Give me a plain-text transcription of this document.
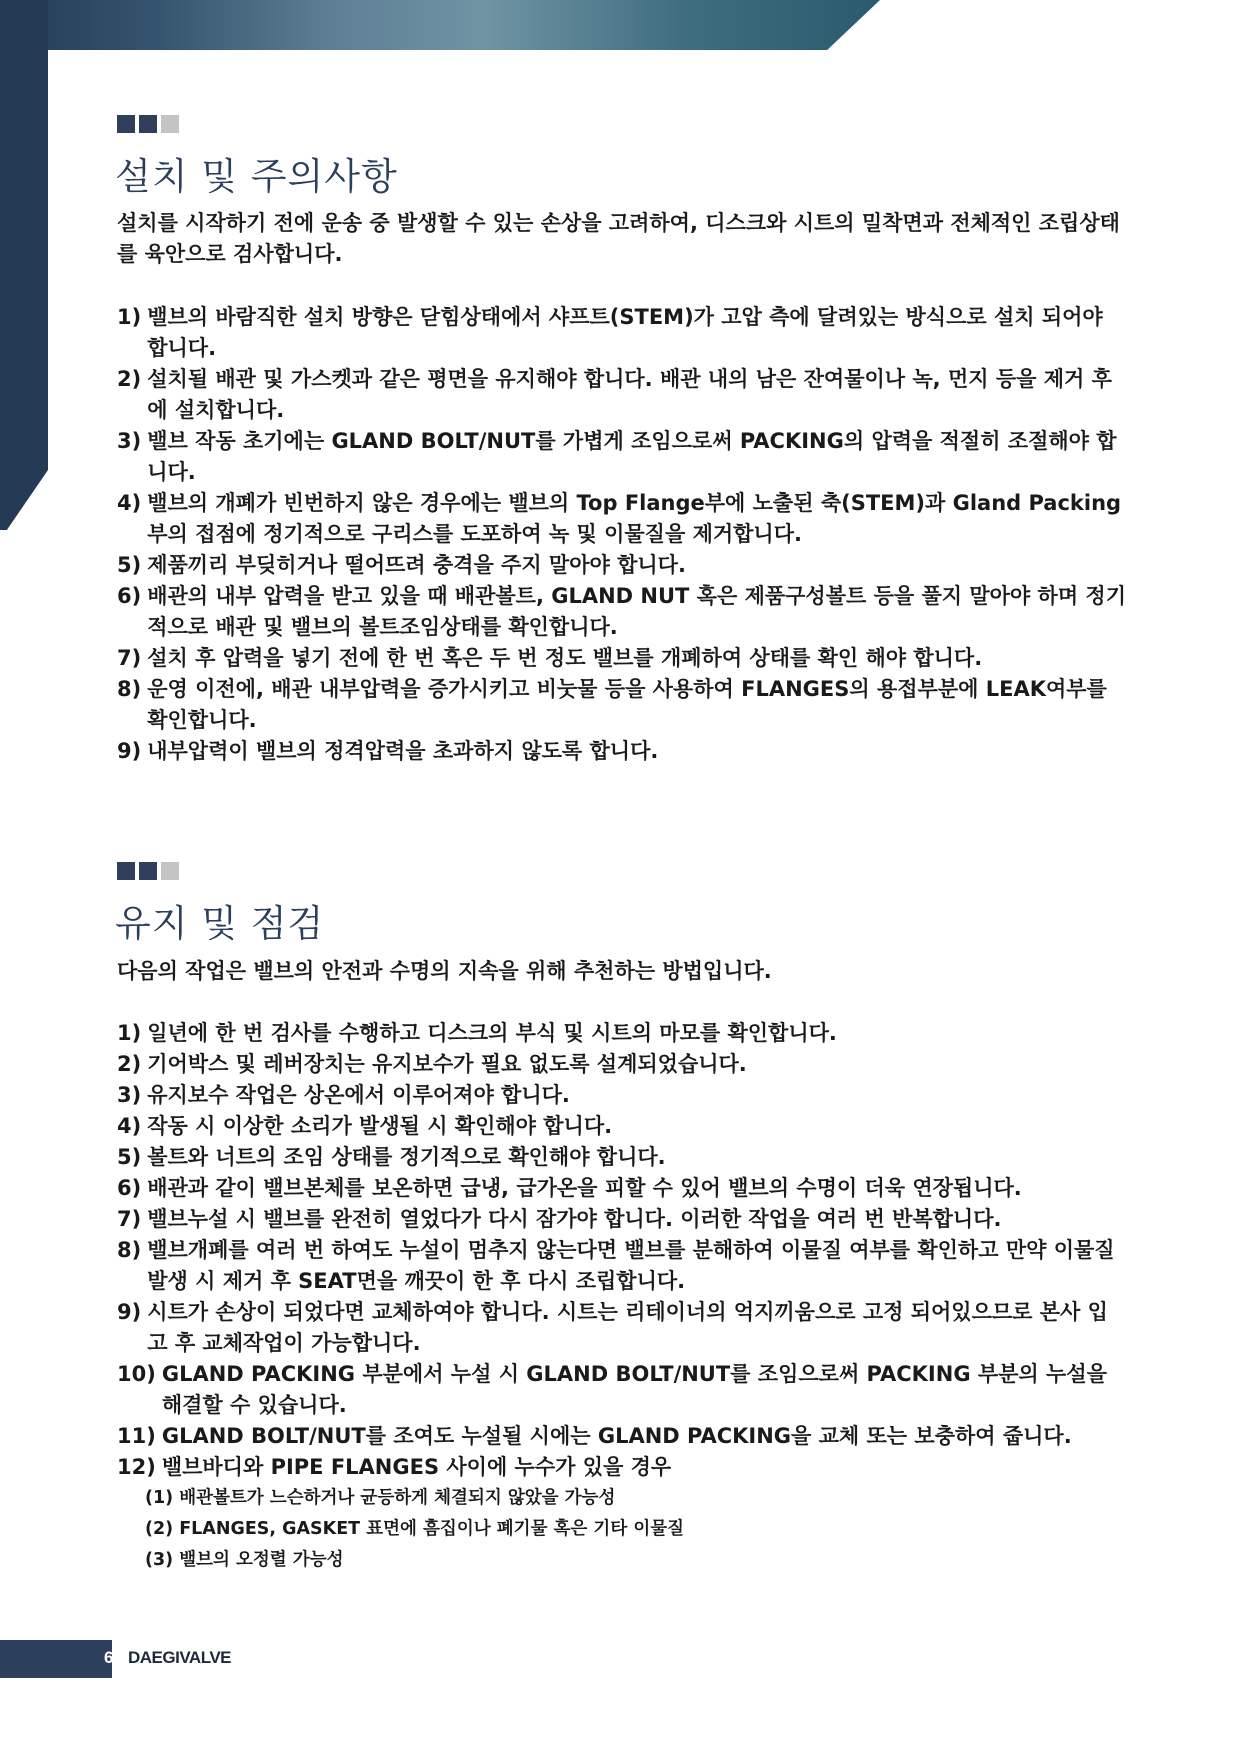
설치 및 주의사항

설치를 시작하기 전에 운송 중 발생할 수 있는 손상을 고려하여, 디스크와 시트의 밀착면과 전체적인 조립상태를 육안으로 검사합니다.

1) 밸브의 바람직한 설치 방향은 닫힘상태에서 샤프트(STEM)가 고압 측에 달려있는 방식으로 설치 되어야 합니다.
2) 설치될 배관 및 가스켓과 같은 평면을 유지해야 합니다. 배관 내의 남은 잔여물이나 녹, 먼지 등을 제거 후에 설치합니다.
3) 밸브 작동 초기에는 GLAND BOLT/NUT를 가볍게 조임으로써 PACKING의 압력을 적절히 조절해야 합니다.
4) 밸브의 개폐가 빈번하지 않은 경우에는 밸브의 Top Flange부에 노출된 축(STEM)과 Gland Packing부의 접점에 정기적으로 구리스를 도포하여 녹 및 이물질을 제거합니다.
5) 제품끼리 부딪히거나 떨어뜨려 충격을 주지 말아야 합니다.
6) 배관의 내부 압력을 받고 있을 때 배관볼트, GLAND NUT 혹은 제품구성볼트 등을 풀지 말아야 하며 정기적으로 배관 및 밸브의 볼트조임상태를 확인합니다.
7) 설치 후 압력을 넣기 전에 한 번 혹은 두 번 정도 밸브를 개폐하여 상태를 확인 해야 합니다.
8) 운영 이전에, 배관 내부압력을 증가시키고 비눗물 등을 사용하여 FLANGES의 용접부분에 LEAK여부를 확인합니다.
9) 내부압력이 밸브의 정격압력을 초과하지 않도록 합니다.
유지 및 점검

다음의 작업은 밸브의 안전과 수명의 지속을 위해 추천하는 방법입니다.

1) 일년에 한 번 검사를 수행하고 디스크의 부식 및 시트의 마모를 확인합니다.
2) 기어박스 및 레버장치는 유지보수가 필요 없도록 설계되었습니다.
3) 유지보수 작업은 상온에서 이루어져야 합니다.
4) 작동 시 이상한 소리가 발생될 시 확인해야 합니다.
5) 볼트와 너트의 조임 상태를 정기적으로 확인해야 합니다.
6) 배관과 같이 밸브본체를 보온하면 급냉, 급가온을 피할 수 있어 밸브의 수명이 더욱 연장됩니다.
7) 밸브누설 시 밸브를 완전히 열었다가 다시 잠가야 합니다. 이러한 작업을 여러 번 반복합니다.
8) 밸브개폐를 여러 번 하여도 누설이 멈추지 않는다면 밸브를 분해하여 이물질 여부를 확인하고 만약 이물질 발생 시 제거 후 SEAT면을 깨끗이 한 후 다시 조립합니다.
9) 시트가 손상이 되었다면 교체하여야 합니다. 시트는 리테이너의 억지끼움으로 고정 되어있으므로 본사 입고 후 교체작업이 가능합니다.
10) GLAND PACKING 부분에서 누설 시 GLAND BOLT/NUT를 조임으로써 PACKING 부분의 누설을 해결할 수 있습니다.
11) GLAND BOLT/NUT를 조여도 누설될 시에는 GLAND PACKING을 교체 또는 보충하여 줍니다.
12) 밸브바디와 PIPE FLANGES 사이에 누수가 있을 경우
(1) 배관볼트가 느슨하거나 균등하게 체결되지 않았을 가능성
(2) FLANGES, GASKET 표면에 흠집이나 폐기물 혹은 기타 이물질
(3) 밸브의 오정렬 가능성
6 DAEGIVALVE
